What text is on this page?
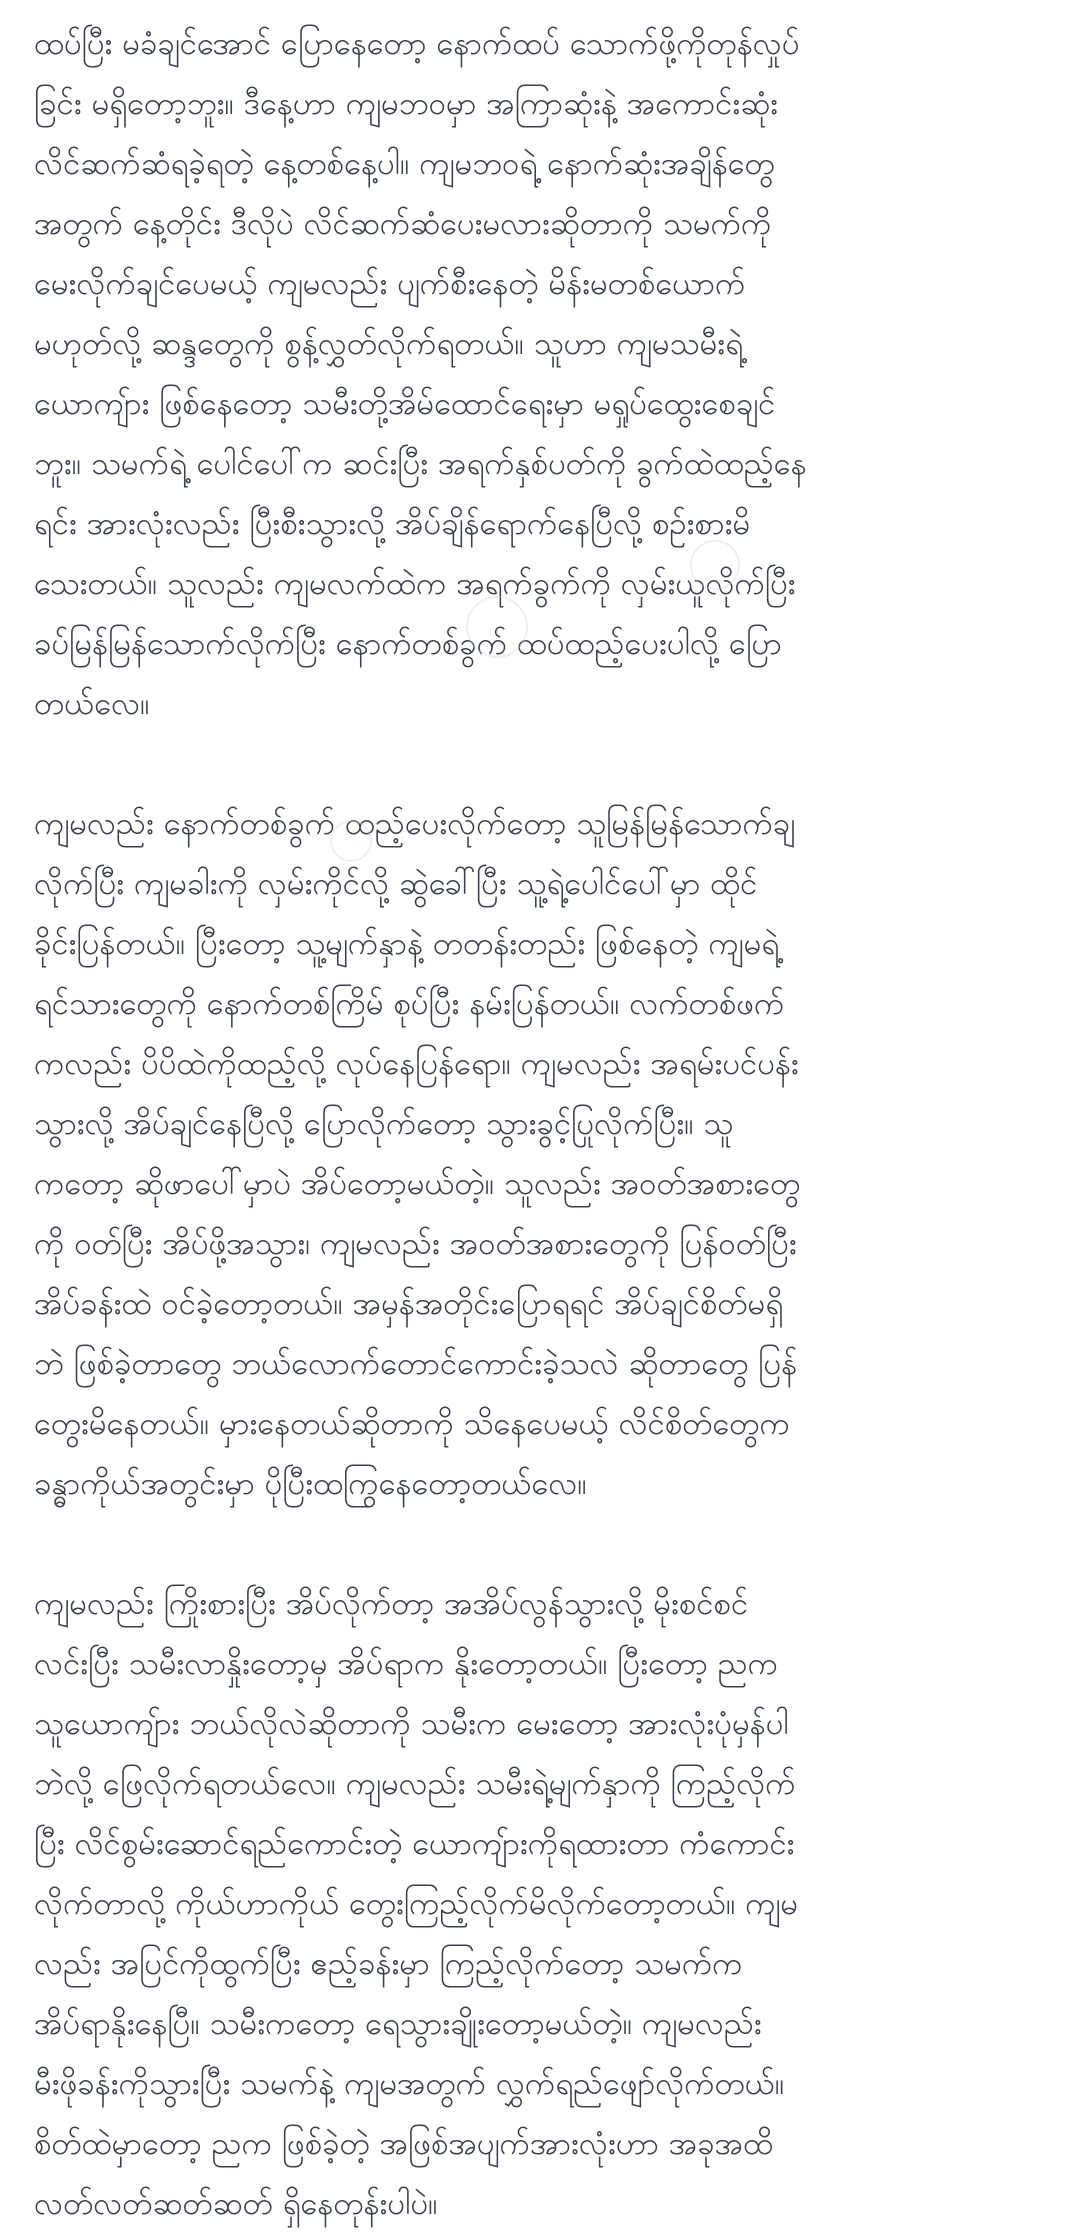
ထပ်ပြီး မခံချင်အောင် ပြောနေတော့ နောက်ထပ် သောက်ဖို့ကိုတုန်လှုပ်
ခြင်း မရှိတော့ဘူး။ ဒီနေ့ဟာ ကျမဘဝမှာ အကြာဆုံးနဲ့ အကောင်းဆုံး
လိင်ဆက်ဆံရခဲ့ရတဲ့ နေ့တစ်နေ့ပါ။ ကျမဘဝရဲ့ နောက်ဆုံးအချိန်တွေ
အတွက် နေ့တိုင်း ဒီလိုပဲ လိင်ဆက်ဆံပေးမလားဆိုတာကို သမက်ကို
မေးလိုက်ချင်ပေမယ့် ကျမလည်း ပျက်စီးနေတဲ့ မိန်းမတစ်ယောက်
မဟုတ်လို့ ဆန္ဒတွေကို စွန့်လွှတ်လိုက်ရတယ်။ သူဟာ ကျမသမီးရဲ့
ယောကျ်ား ဖြစ်နေတော့ သမီးတို့အိမ်ထောင်ရေးမှာ မရှုပ်ထွေးစေချင်
ဘူး။ သမက်ရဲ့ ပေါင်ပေါ်က ဆင်းပြီး အရက်နှစ်ပတ်ကို ခွက်ထဲထည့်နေ
ရင်း အားလုံးလည်း ပြီးစီးသွားလို့ အိပ်ချိန်ရောက်နေပြီလို့ စဉ်းစားမိ
သေးတယ်။ သူလည်း ကျမလက်ထဲက အရက်ခွက်ကို လှမ်းယူလိုက်ပြီး
ခပ်မြန်မြန်သောက်လိုက်ပြီး နောက်တစ်ခွက် ထပ်ထည့်ပေးပါလို့ ပြော
တယ်လေ။

ကျမလည်း နောက်တစ်ခွက် ထည့်ပေးလိုက်တော့ သူမြန်မြန်သောက်ချ
လိုက်ပြီး ကျမခါးကို လှမ်းကိုင်လို့ ဆွဲခေါ်ပြီး သူ့ရဲ့ပေါင်ပေါ်မှာ ထိုင်
ခိုင်းပြန်တယ်။ ပြီးတော့ သူ့မျက်နှာနဲ့ တတန်းတည်း ဖြစ်နေတဲ့ ကျမရဲ့
ရင်သားတွေကို နောက်တစ်ကြိမ် စုပ်ပြီး နမ်းပြန်တယ်။ လက်တစ်ဖက်
ကလည်း ပိပိထဲကိုထည့်လို့ လုပ်နေပြန်ရော။ ကျမလည်း အရမ်းပင်ပန်း
သွားလို့ အိပ်ချင်နေပြီလို့ ပြောလိုက်တော့ သွားခွင့်ပြုလိုက်ပြီး။ သူ
ကတော့ ဆိုဖာပေါ်မှာပဲ အိပ်တော့မယ်တဲ့။ သူလည်း အဝတ်အစားတွေ
ကို ဝတ်ပြီး အိပ်ဖို့အသွား၊ ကျမလည်း အဝတ်အစားတွေကို ပြန်ဝတ်ပြီး
အိပ်ခန်းထဲ ဝင်ခဲ့တော့တယ်။ အမှန်အတိုင်းပြောရရင် အိပ်ချင်စိတ်မရှိ
ဘဲ ဖြစ်ခဲ့တာတွေ ဘယ်လောက်တောင်ကောင်းခဲ့သလဲ ဆိုတာတွေ ပြန်
တွေးမိနေတယ်။ မှားနေတယ်ဆိုတာကို သိနေပေမယ့် လိင်စိတ်တွေက
ခန္ဓာကိုယ်အတွင်းမှာ ပိုပြီးထကြွနေတော့တယ်လေ။

ကျမလည်း ကြိုးစားပြီး အိပ်လိုက်တာ့ အအိပ်လွန်သွားလို့ မိုးစင်စင်
လင်းပြီး သမီးလာနှိုးတော့မှ အိပ်ရာက နိုးတော့တယ်။ ပြီးတော့ ညက
သူယောကျ်ား ဘယ်လိုလဲဆိုတာကို သမီးက မေးတော့ အားလုံးပုံမှန်ပါ
ဘဲလို့ ဖြေလိုက်ရတယ်လေ။ ကျမလည်း သမီးရဲ့မျက်နှာကို ကြည့်လိုက်
ပြီး လိင်စွမ်းဆောင်ရည်ကောင်းတဲ့ ယောကျ်ားကိုရထားတာ ကံကောင်း
လိုက်တာလို့ ကိုယ်ဟာကိုယ် တွေးကြည့်လိုက်မိလိုက်တော့တယ်။ ကျမ
လည်း အပြင်ကိုထွက်ပြီး ဧည့်ခန်းမှာ ကြည့်လိုက်တော့ သမက်က
အိပ်ရာနိုးနေပြီ။ သမီးကတော့ ရေသွားချိုးတော့မယ်တဲ့။ ကျမလည်း
မီးဖိုခန်းကိုသွားပြီး သမက်နဲ့ ကျမအတွက် လွှက်ရည်ဖျော်လိုက်တယ်။
စိတ်ထဲမှာတော့ ညက ဖြစ်ခဲ့တဲ့ အဖြစ်အပျက်အားလုံးဟာ အခုအထိ
လတ်လတ်ဆတ်ဆတ် ရှိနေတုန်းပါပဲ။
